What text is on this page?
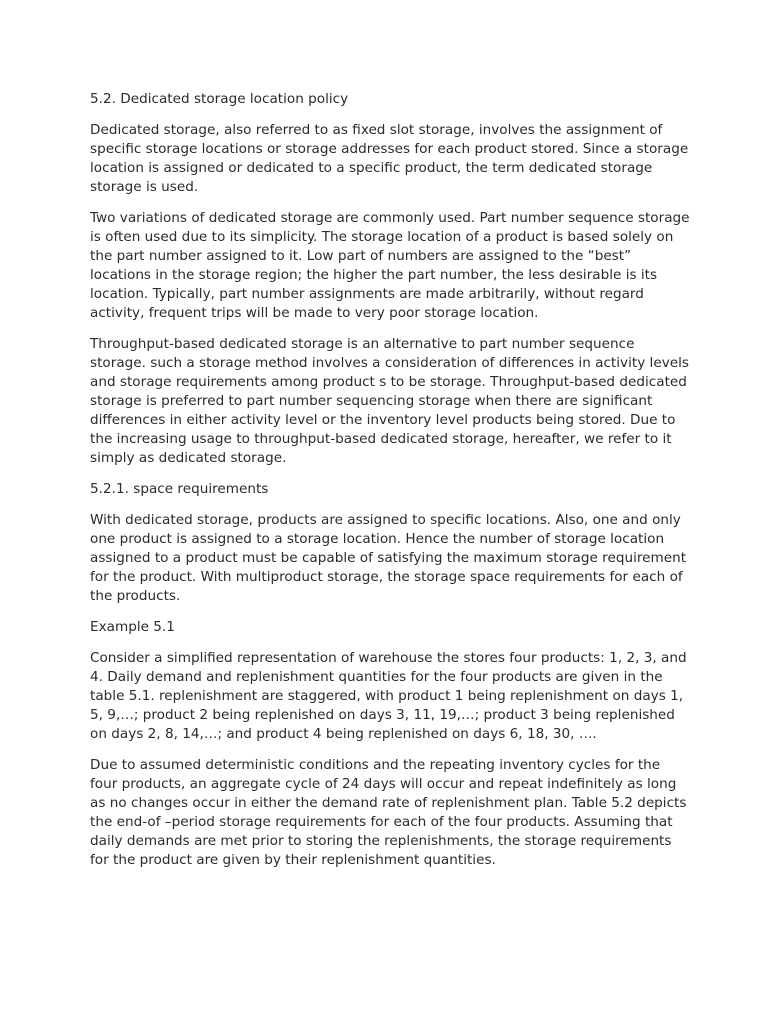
5.2. Dedicated storage location policy

Dedicated storage, also referred to as fixed slot storage, involves the assignment of specific storage locations or storage addresses for each product stored. Since a storage location is assigned or dedicated to a specific product, the term dedicated storage storage is used.

Two variations of dedicated storage are commonly used. Part number sequence storage is often used due to its simplicity. The storage location of a product is based solely on the part number assigned to it. Low part of numbers are assigned to the “best” locations in the storage region; the higher the part number, the less desirable is its location. Typically, part number assignments are made arbitrarily, without regard activity, frequent trips will be made to very poor storage location.

Throughput-based dedicated storage is an alternative to part number sequence storage. such a storage method involves a consideration of differences in activity levels and storage requirements among product s to be storage. Throughput-based dedicated storage is preferred to part number sequencing storage when there are significant differences in either activity level or the inventory level products being stored. Due to the increasing usage to throughput-based dedicated storage, hereafter, we refer to it simply as dedicated storage.

5.2.1. space requirements

With dedicated storage, products are assigned to specific locations. Also, one and only one product is assigned to a storage location. Hence the number of storage location assigned to a product must be capable of satisfying the maximum storage requirement for the product. With multiproduct storage, the storage space requirements for each of the products.

Example 5.1

Consider a simplified representation of warehouse the stores four products: 1, 2, 3, and 4. Daily demand and replenishment quantities for the four products are given in the table 5.1. replenishment are staggered, with product 1 being replenishment on days 1, 5, 9,…; product 2 being replenished on days 3, 11, 19,…; product 3 being replenished on days 2, 8, 14,…; and product 4 being replenished on days 6, 18, 30, ….

Due to assumed deterministic conditions and the repeating inventory cycles for the four products, an aggregate cycle of 24 days will occur and repeat indefinitely as long as no changes occur in either the demand rate of replenishment plan. Table 5.2 depicts the end-of –period storage requirements for each of the four products. Assuming that daily demands are met prior to storing the replenishments, the storage requirements for the product are given by their replenishment quantities.
